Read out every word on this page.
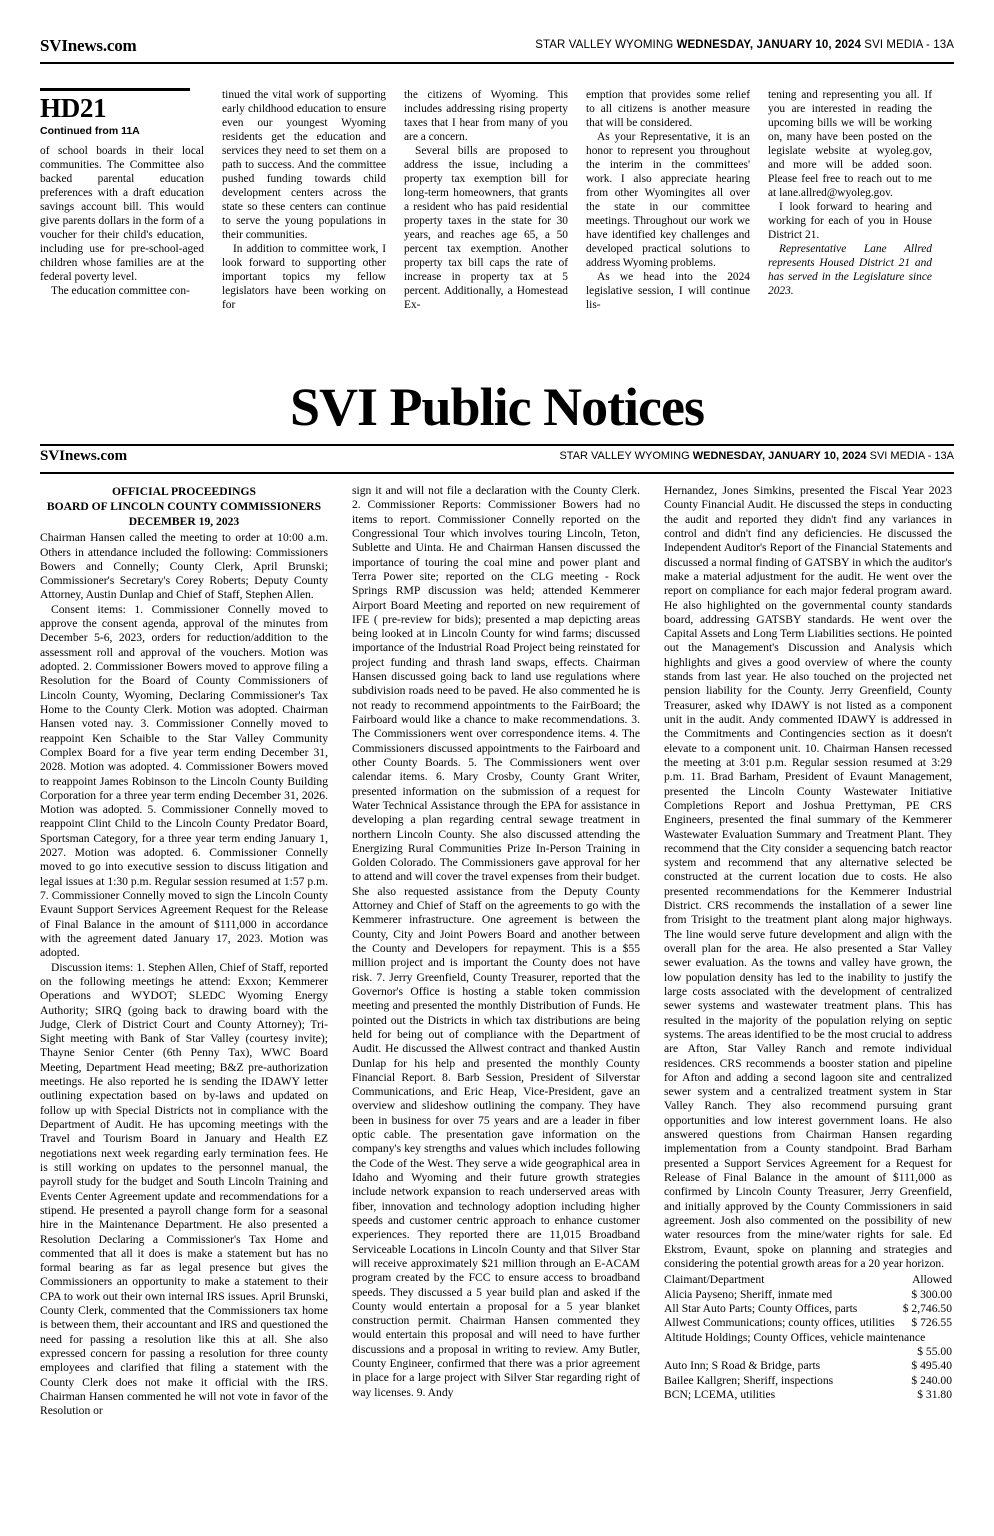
SVInews.com	STAR VALLEY WYOMING WEDNESDAY, JANUARY 10, 2024 SVI MEDIA - 13A
HD21
Continued from 11A

of school boards in their local communities. The Committee also backed parental education preferences with a draft education savings account bill. This would give parents dollars in the form of a voucher for their child's education, including use for pre-school-aged children whose families are at the federal poverty level.

The education committee con-

tinued the vital work of supporting early childhood education to ensure even our youngest Wyoming residents get the education and services they need to set them on a path to success. And the committee pushed funding towards child development centers across the state so these centers can continue to serve the young populations in their communities.

In addition to committee work, I look forward to supporting other important topics my fellow legislators have been working on for

the citizens of Wyoming. This includes addressing rising property taxes that I hear from many of you are a concern.

Several bills are proposed to address the issue, including a property tax exemption bill for long-term homeowners, that grants a resident who has paid residential property taxes in the state for 30 years, and reaches age 65, a 50 percent tax exemption. Another property tax bill caps the rate of increase in property tax at 5 percent. Additionally, a Homestead Ex-

emption that provides some relief to all citizens is another measure that will be considered.

As your Representative, it is an honor to represent you throughout the interim in the committees' work. I also appreciate hearing from other Wyomingites all over the state in our committee meetings. Throughout our work we have identified key challenges and developed practical solutions to address Wyoming problems.

As we head into the 2024 legislative session, I will continue lis-

tening and representing you all. If you are interested in reading the upcoming bills we will be working on, many have been posted on the legislate website at wyoleg.gov, and more will be added soon. Please feel free to reach out to me at lane.allred@wyoleg.gov.

I look forward to hearing and working for each of you in House District 21.

Representative Lane Allred represents Housed District 21 and has served in the Legislature since 2023.

SVI Public Notices
SVInews.com	STAR VALLEY WYOMING WEDNESDAY, JANUARY 10, 2024 SVI MEDIA - 13A
OFFICIAL PROCEEDINGS
BOARD OF LINCOLN COUNTY COMMISSIONERS
DECEMBER 19, 2023

Chairman Hansen called the meeting to order at 10:00 a.m. Others in attendance included the following: Commissioners Bowers and Connelly; County Clerk, April Brunski; Commissioner's Secretary's Corey Roberts; Deputy County Attorney, Austin Dunlap and Chief of Staff, Stephen Allen.

Consent items: 1. Commissioner Connelly moved to approve the consent agenda, approval of the minutes from December 5-6, 2023, orders for reduction/addition to the assessment roll and approval of the vouchers. Motion was adopted. 2. Commissioner Bowers moved to approve filing a Resolution for the Board of County Commissioners of Lincoln County, Wyoming, Declaring Commissioner's Tax Home to the County Clerk. Motion was adopted. Chairman Hansen voted nay. 3. Commissioner Connelly moved to reappoint Ken Schaible to the Star Valley Community Complex Board for a five year term ending December 31, 2028. Motion was adopted. 4. Commissioner Bowers moved to reappoint James Robinson to the Lincoln County Building Corporation for a three year term ending December 31, 2026. Motion was adopted. 5. Commissioner Connelly moved to reappoint Clint Child to the Lincoln County Predator Board, Sportsman Category, for a three year term ending January 1, 2027. Motion was adopted. 6. Commissioner Connelly moved to go into executive session to discuss litigation and legal issues at 1:30 p.m. Regular session resumed at 1:57 p.m. 7. Commissioner Connelly moved to sign the Lincoln County Evaunt Support Services Agreement Request for the Release of Final Balance in the amount of $111,000 in accordance with the agreement dated January 17, 2023. Motion was adopted.

Discussion items: 1. Stephen Allen, Chief of Staff, reported on the following meetings he attend: Exxon; Kemmerer Operations and WYDOT; SLEDC Wyoming Energy Authority; SIRQ (going back to drawing board with the Judge, Clerk of District Court and County Attorney); Tri-Sight meeting with Bank of Star Valley (courtesy invite); Thayne Senior Center (6th Penny Tax), WWC Board Meeting, Department Head meeting; B&Z pre-authorization meetings. He also reported he is sending the IDAWY letter outlining expectation based on by-laws and updated on follow up with Special Districts not in compliance with the Department of Audit. He has upcoming meetings with the Travel and Tourism Board in January and Health EZ negotiations next week regarding early termination fees. He is still working on updates to the personnel manual, the payroll study for the budget and South Lincoln Training and Events Center Agreement update and recommendations for a stipend. He presented a payroll change form for a seasonal hire in the Maintenance Department. He also presented a Resolution Declaring a Commissioner's Tax Home and commented that all it does is make a statement but has no formal bearing as far as legal presence but gives the Commissioners an opportunity to make a statement to their CPA to work out their own internal IRS issues. April Brunski, County Clerk, commented that the Commissioners tax home is between them, their accountant and IRS and questioned the need for passing a resolution like this at all. She also expressed concern for passing a resolution for three county employees and clarified that filing a statement with the County Clerk does not make it official with the IRS. Chairman Hansen commented he will not vote in favor of the Resolution or

sign it and will not file a declaration with the County Clerk. 2. Commissioner Reports: Commissioner Bowers had no items to report. Commissioner Connelly reported on the Congressional Tour which involves touring Lincoln, Teton, Sublette and Uinta. He and Chairman Hansen discussed the importance of touring the coal mine and power plant and Terra Power site; reported on the CLG meeting - Rock Springs RMP discussion was held; attended Kemmerer Airport Board Meeting and reported on new requirement of IFE ( pre-review for bids); presented a map depicting areas being looked at in Lincoln County for wind farms; discussed importance of the Industrial Road Project being reinstated for project funding and thrash land swaps, effects. Chairman Hansen discussed going back to land use regulations where subdivision roads need to be paved. He also commented he is not ready to recommend appointments to the FairBoard; the Fairboard would like a chance to make recommendations. 3. The Commissioners went over correspondence items. 4. The Commissioners discussed appointments to the Fairboard and other County Boards. 5. The Commissioners went over calendar items. 6. Mary Crosby, County Grant Writer, presented information on the submission of a request for Water Technical Assistance through the EPA for assistance in developing a plan regarding central sewage treatment in northern Lincoln County. She also discussed attending the Energizing Rural Communities Prize In-Person Training in Golden Colorado. The Commissioners gave approval for her to attend and will cover the travel expenses from their budget. She also requested assistance from the Deputy County Attorney and Chief of Staff on the agreements to go with the Kemmerer infrastructure. One agreement is between the County, City and Joint Powers Board and another between the County and Developers for repayment. This is a $55 million project and is important the County does not have risk. 7. Jerry Greenfield, County Treasurer, reported that the Governor's Office is hosting a stable token commission meeting and presented the monthly Distribution of Funds. He pointed out the Districts in which tax distributions are being held for being out of compliance with the Department of Audit. He discussed the Allwest contract and thanked Austin Dunlap for his help and presented the monthly County Financial Report. 8. Barb Session, President of Silverstar Communications, and Eric Heap, Vice-President, gave an overview and slideshow outlining the company. They have been in business for over 75 years and are a leader in fiber optic cable. The presentation gave information on the company's key strengths and values which includes following the Code of the West. They serve a wide geographical area in Idaho and Wyoming and their future growth strategies include network expansion to reach underserved areas with fiber, innovation and technology adoption including higher speeds and customer centric approach to enhance customer experiences. They reported there are 11,015 Broadband Serviceable Locations in Lincoln County and that Silver Star will receive approximately $21 million through an E-ACAM program created by the FCC to ensure access to broadband speeds. They discussed a 5 year build plan and asked if the County would entertain a proposal for a 5 year blanket construction permit. Chairman Hansen commented they would entertain this proposal and will need to have further discussions and a proposal in writing to review. Amy Butler, County Engineer, confirmed that there was a prior agreement in place for a large project with Silver Star regarding right of way licenses. 9. Andy

Hernandez, Jones Simkins, presented the Fiscal Year 2023 County Financial Audit. He discussed the steps in conducting the audit and reported they didn't find any variances in control and didn't find any deficiencies. He discussed the Independent Auditor's Report of the Financial Statements and discussed a normal finding of GATSBY in which the auditor's make a material adjustment for the audit. He went over the report on compliance for each major federal program award. He also highlighted on the governmental county standards board, addressing GATSBY standards. He went over the Capital Assets and Long Term Liabilities sections. He pointed out the Management's Discussion and Analysis which highlights and gives a good overview of where the county stands from last year. He also touched on the projected net pension liability for the County. Jerry Greenfield, County Treasurer, asked why IDAWY is not listed as a component unit in the audit. Andy commented IDAWY is addressed in the Commitments and Contingencies section as it doesn't elevate to a component unit. 10. Chairman Hansen recessed the meeting at 3:01 p.m. Regular session resumed at 3:29 p.m. 11. Brad Barham, President of Evaunt Management, presented the Lincoln County Wastewater Initiative Completions Report and Joshua Prettyman, PE CRS Engineers, presented the final summary of the Kemmerer Wastewater Evaluation Summary and Treatment Plant. They recommend that the City consider a sequencing batch reactor system and recommend that any alternative selected be constructed at the current location due to costs. He also presented recommendations for the Kemmerer Industrial District. CRS recommends the installation of a sewer line from Trisight to the treatment plant along major highways. The line would serve future development and align with the overall plan for the area. He also presented a Star Valley sewer evaluation. As the towns and valley have grown, the low population density has led to the inability to justify the large costs associated with the development of centralized sewer systems and wastewater treatment plans. This has resulted in the majority of the population relying on septic systems. The areas identified to be the most crucial to address are Afton, Star Valley Ranch and remote individual residences. CRS recommends a booster station and pipeline for Afton and adding a second lagoon site and centralized sewer system and a centralized treatment system in Star Valley Ranch. They also recommend pursuing grant opportunities and low interest government loans. He also answered questions from Chairman Hansen regarding implementation from a County standpoint. Brad Barham presented a Support Services Agreement for a Request for Release of Final Balance in the amount of $111,000 as confirmed by Lincoln County Treasurer, Jerry Greenfield, and initially approved by the County Commissioners in said agreement. Josh also commented on the possibility of new water resources from the mine/water rights for sale. Ed Ekstrom, Evaunt, spoke on planning and strategies and considering the potential growth areas for a 20 year horizon.

Claimant/Department	Allowed
Alicia Payseno; Sheriff, inmate med	$ 300.00
All Star Auto Parts; County Offices, parts	$ 2,746.50
Allwest Communications; county offices, utilities	$ 726.55
Altitude Holdings; County Offices, vehicle maintenance
$ 55.00
Auto Inn; S Road & Bridge, parts	$ 495.40
Bailee Kallgren; Sheriff, inspections	$ 240.00
BCN; LCEMA, utilities	$ 31.80
